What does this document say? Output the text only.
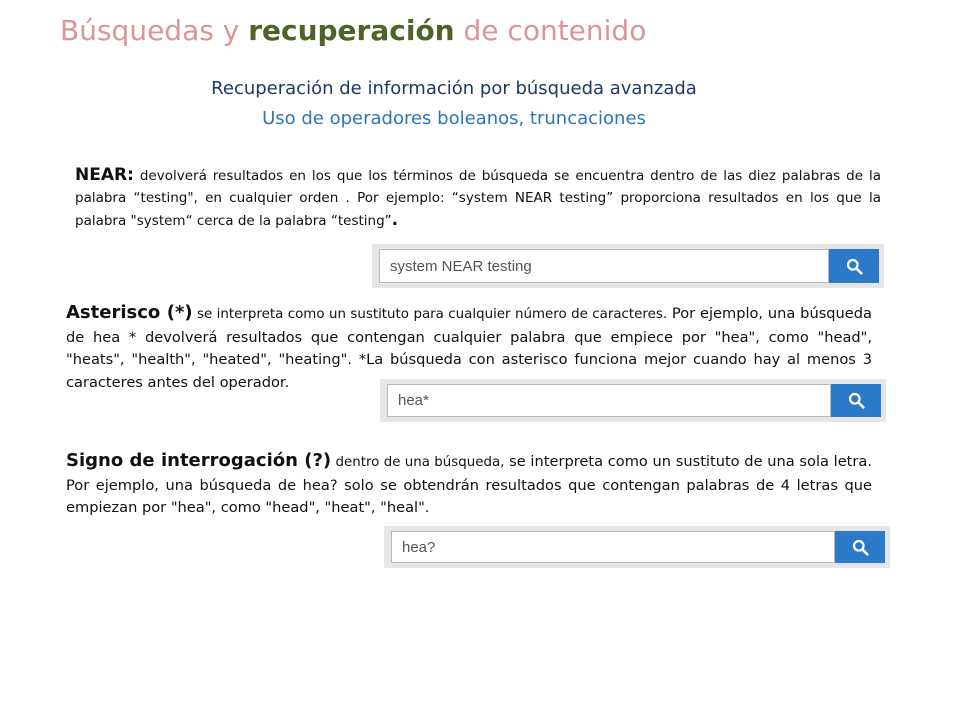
Búsquedas y recuperación de contenido

Recuperación de información por búsqueda avanzada

Uso de operadores boleanos, truncaciones

NEAR: devolverá resultados en los que los términos de búsqueda se encuentra dentro de las diez palabras de la palabra “testing", en cualquier orden . Por ejemplo: “system NEAR testing” proporciona resultados en los que la palabra "system“ cerca de la palabra “testing”.

system NEAR testing

Asterisco (*) se interpreta como un sustituto para cualquier número de caracteres. Por ejemplo, una búsqueda de hea * devolverá resultados que contengan cualquier palabra que empiece por "hea", como "head", "heats", "health", "heated", "heating". *La búsqueda con asterisco funciona mejor cuando hay al menos 3 caracteres antes del operador.

hea*

Signo de interrogación (?) dentro de una búsqueda, se interpreta como un sustituto de una sola letra. Por ejemplo, una búsqueda de hea? solo se obtendrán resultados que contengan palabras de 4 letras que empiezan por "hea", como "head", "heat", "heal".

hea?
